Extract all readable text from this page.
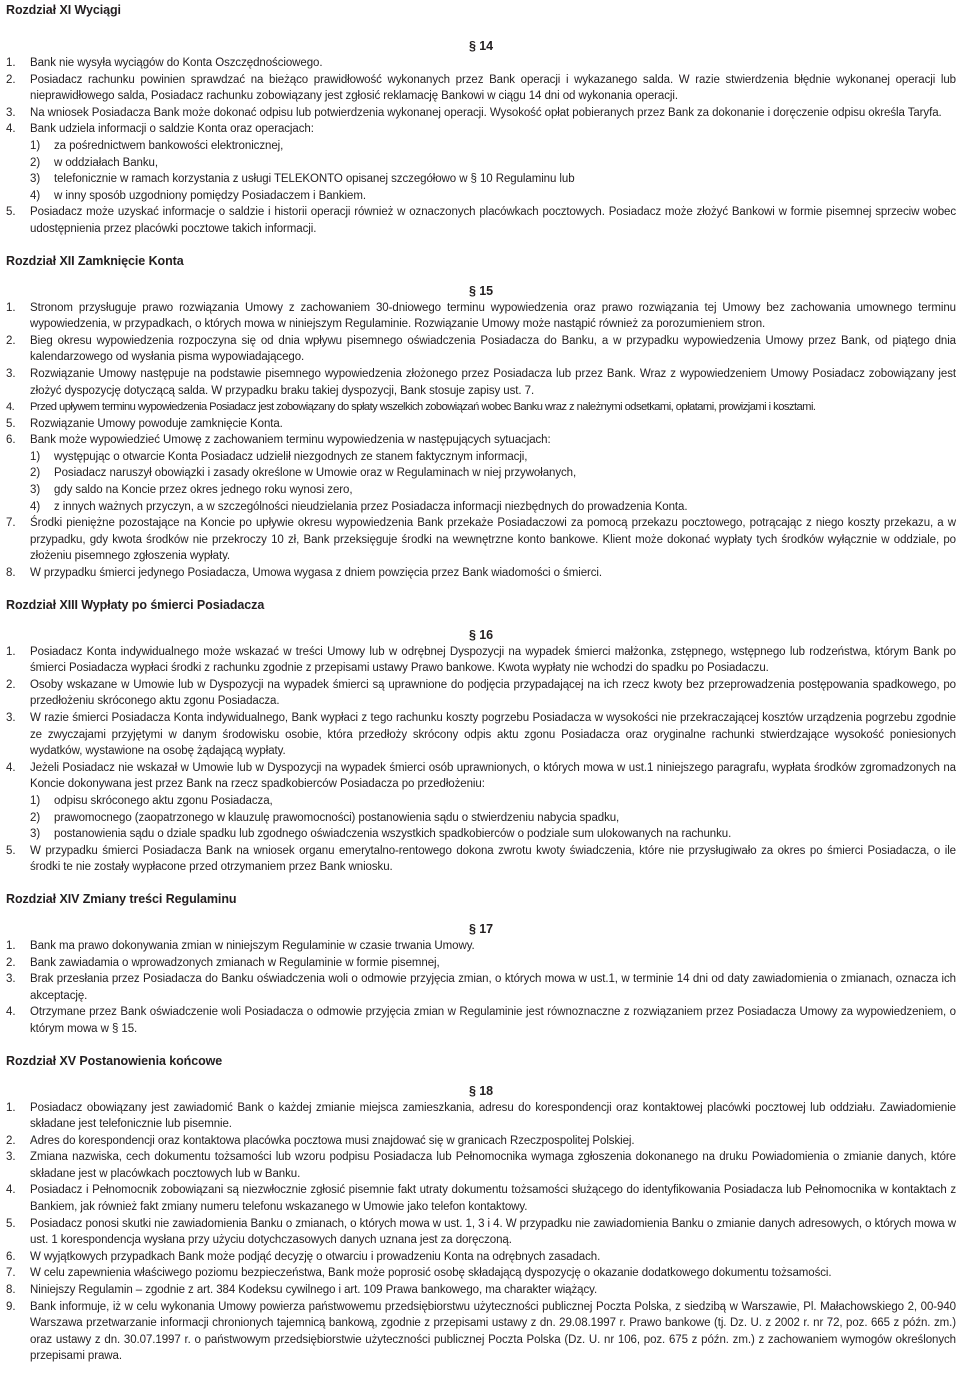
Rozdział XI Wyciągi
§ 14
1. Bank nie wysyła wyciągów do Konta Oszczędnościowego.
2. Posiadacz rachunku powinien sprawdzać na bieżąco prawidłowość wykonanych przez Bank operacji i wykazanego salda. W razie stwierdzenia błędnie wykonanej operacji lub nieprawidłowego salda, Posiadacz rachunku zobowiązany jest zgłosić reklamację Bankowi w ciągu 14 dni od wykonania operacji.
3. Na wniosek Posiadacza Bank może dokonać odpisu lub potwierdzenia wykonanej operacji. Wysokość opłat pobieranych przez Bank za dokonanie i doręczenie odpisu określa Taryfa.
4. Bank udziela informacji o saldzie Konta oraz operacjach:
1) za pośrednictwem bankowości elektronicznej,
2) w oddziałach Banku,
3) telefonicznie w ramach korzystania z usługi TELEKONTO opisanej szczegółowo w § 10 Regulaminu lub
4) w inny sposób uzgodniony pomiędzy Posiadaczem i Bankiem.
5. Posiadacz może uzyskać informacje o saldzie i historii operacji również w oznaczonych placówkach pocztowych. Posiadacz może złożyć Bankowi w formie pisemnej sprzeciw wobec udostępnienia przez placówki pocztowe takich informacji.
Rozdział XII Zamknięcie Konta
§ 15
1. Stronom przysługuje prawo rozwiązania Umowy z zachowaniem 30-dniowego terminu wypowiedzenia oraz prawo rozwiązania tej Umowy bez zachowania umownego terminu wypowiedzenia, w przypadkach, o których mowa w niniejszym Regulaminie. Rozwiązanie Umowy może nastąpić również za porozumieniem stron.
2. Bieg okresu wypowiedzenia rozpoczyna się od dnia wpływu pisemnego oświadczenia Posiadacza do Banku, a w przypadku wypowiedzenia Umowy przez Bank, od piątego dnia kalendarzowego od wysłania pisma wypowiadającego.
3. Rozwiązanie Umowy następuje na podstawie pisemnego wypowiedzenia złożonego przez Posiadacza lub przez Bank. Wraz z wypowiedzeniem Umowy Posiadacz zobowiązany jest złożyć dyspozycję dotyczącą salda. W przypadku braku takiej dyspozycji, Bank stosuje zapisy ust. 7.
4. Przed upływem terminu wypowiedzenia Posiadacz jest zobowiązany do spłaty wszelkich zobowiązań wobec Banku wraz z należnymi odsetkami, opłatami, prowizjami i kosztami.
5. Rozwiązanie Umowy powoduje zamknięcie Konta.
6. Bank może wypowiedzieć Umowę z zachowaniem terminu wypowiedzenia w następujących sytuacjach:
1) występując o otwarcie Konta Posiadacz udzielił niezgodnych ze stanem faktycznym informacji,
2) Posiadacz naruszył obowiązki i zasady określone w Umowie oraz w Regulaminach w niej przywołanych,
3) gdy saldo na Koncie przez okres jednego roku wynosi zero,
4) z innych ważnych przyczyn, a w szczególności nieudzielania przez Posiadacza informacji niezbędnych do prowadzenia Konta.
7. Środki pieniężne pozostające na Koncie po upływie okresu wypowiedzenia Bank przekaże Posiadaczowi za pomocą przekazu pocztowego, potrącając z niego koszty przekazu, a w przypadku, gdy kwota środków nie przekroczy 10 zł, Bank przeksięguje środki na wewnętrzne konto bankowe. Klient może dokonać wypłaty tych środków wyłącznie w oddziale, po złożeniu pisemnego zgłoszenia wypłaty.
8. W przypadku śmierci jedynego Posiadacza, Umowa wygasa z dniem powzięcia przez Bank wiadomości o śmierci.
Rozdział XIII Wypłaty po śmierci Posiadacza
§ 16
1. Posiadacz Konta indywidualnego może wskazać w treści Umowy lub w odrębnej Dyspozycji na wypadek śmierci małżonka, zstępnego, wstępnego lub rodzeństwa, którym Bank po śmierci Posiadacza wypłaci środki z rachunku zgodnie z przepisami ustawy Prawo bankowe. Kwota wypłaty nie wchodzi do spadku po Posiadaczu.
2. Osoby wskazane w Umowie lub w Dyspozycji na wypadek śmierci są uprawnione do podjęcia przypadającej na ich rzecz kwoty bez przeprowadzenia postępowania spadkowego, po przedłożeniu skróconego aktu zgonu Posiadacza.
3. W razie śmierci Posiadacza Konta indywidualnego, Bank wypłaci z tego rachunku koszty pogrzebu Posiadacza w wysokości nie przekraczającej kosztów urządzenia pogrzebu zgodnie ze zwyczajami przyjętymi w danym środowisku osobie, która przedłoży skrócony odpis aktu zgonu Posiadacza oraz oryginalne rachunki stwierdzające wysokość poniesionych wydatków, wystawione na osobę żądającą wypłaty.
4. Jeżeli Posiadacz nie wskazał w Umowie lub w Dyspozycji na wypadek śmierci osób uprawnionych, o których mowa w ust.1 niniejszego paragrafu, wypłata środków zgromadzonych na Koncie dokonywana jest przez Bank na rzecz spadkobierców Posiadacza po przedłożeniu:
1) odpisu skróconego aktu zgonu Posiadacza,
2) prawomocnego (zaopatrzonego w klauzulę prawomocności) postanowienia sądu o stwierdzeniu nabycia spadku,
3) postanowienia sądu o dziale spadku lub zgodnego oświadczenia wszystkich spadkobierców o podziale sum ulokowanych na rachunku.
5. W przypadku śmierci Posiadacza Bank na wniosek organu emerytalno-rentowego dokona zwrotu kwoty świadczenia, które nie przysługiwało za okres po śmierci Posiadacza, o ile środki te nie zostały wypłacone przed otrzymaniem przez Bank wniosku.
Rozdział XIV Zmiany treści Regulaminu
§ 17
1. Bank ma prawo dokonywania zmian w niniejszym Regulaminie w czasie trwania Umowy.
2. Bank zawiadamia o wprowadzonych zmianach w Regulaminie w formie pisemnej,
3. Brak przesłania przez Posiadacza do Banku oświadczenia woli o odmowie przyjęcia zmian, o których mowa w ust.1, w terminie 14 dni od daty zawiadomienia o zmianach, oznacza ich akceptację.
4. Otrzymane przez Bank oświadczenie woli Posiadacza o odmowie przyjęcia zmian w Regulaminie jest równoznaczne z rozwiązaniem przez Posiadacza Umowy za wypowiedzeniem, o którym mowa w § 15.
Rozdział XV Postanowienia końcowe
§ 18
1. Posiadacz obowiązany jest zawiadomić Bank o każdej zmianie miejsca zamieszkania, adresu do korespondencji oraz kontaktowej placówki pocztowej lub oddziału. Zawiadomienie składane jest telefonicznie lub pisemnie.
2. Adres do korespondencji oraz kontaktowa placówka pocztowa musi znajdować się w granicach Rzeczpospolitej Polskiej.
3. Zmiana nazwiska, cech dokumentu tożsamości lub wzoru podpisu Posiadacza lub Pełnomocnika wymaga zgłoszenia dokonanego na druku Powiadomienia o zmianie danych, które składane jest w placówkach pocztowych lub w Banku.
4. Posiadacz i Pełnomocnik zobowiązani są niezwłocznie zgłosić pisemnie fakt utraty dokumentu tożsamości służącego do identyfikowania Posiadacza lub Pełnomocnika w kontaktach z Bankiem, jak również fakt zmiany numeru telefonu wskazanego w Umowie jako telefon kontaktowy.
5. Posiadacz ponosi skutki nie zawiadomienia Banku o zmianach, o których mowa w ust. 1, 3 i 4. W przypadku nie zawiadomienia Banku o zmianie danych adresowych, o których mowa w ust. 1 korespondencja wysłana przy użyciu dotychczasowych danych uznana jest za doręczoną.
6. W wyjątkowych przypadkach Bank może podjąć decyzję o otwarciu i prowadzeniu Konta na odrębnych zasadach.
7. W celu zapewnienia właściwego poziomu bezpieczeństwa, Bank może poprosić osobę składającą dyspozycję o okazanie dodatkowego dokumentu tożsamości.
8. Niniejszy Regulamin – zgodnie z art. 384 Kodeksu cywilnego i art. 109 Prawa bankowego, ma charakter wiążący.
9. Bank informuje, iż w celu wykonania Umowy powierza państwowemu przedsiębiorstwu użyteczności publicznej Poczta Polska, z siedzibą w Warszawie, Pl. Małachowskiego 2, 00-940 Warszawa przetwarzanie informacji chronionych tajemnicą bankową, zgodnie z przepisami ustawy z dn. 29.08.1997 r. Prawo bankowe (tj. Dz. U. z 2002 r. nr 72, poz. 665 z późn. zm.) oraz ustawy z dn. 30.07.1997 r. o państwowym przedsiębiorstwie użyteczności publicznej Poczta Polska (Dz. U. nr 106, poz. 675 z późn. zm.) z zachowaniem wymogów określonych przepisami prawa.
